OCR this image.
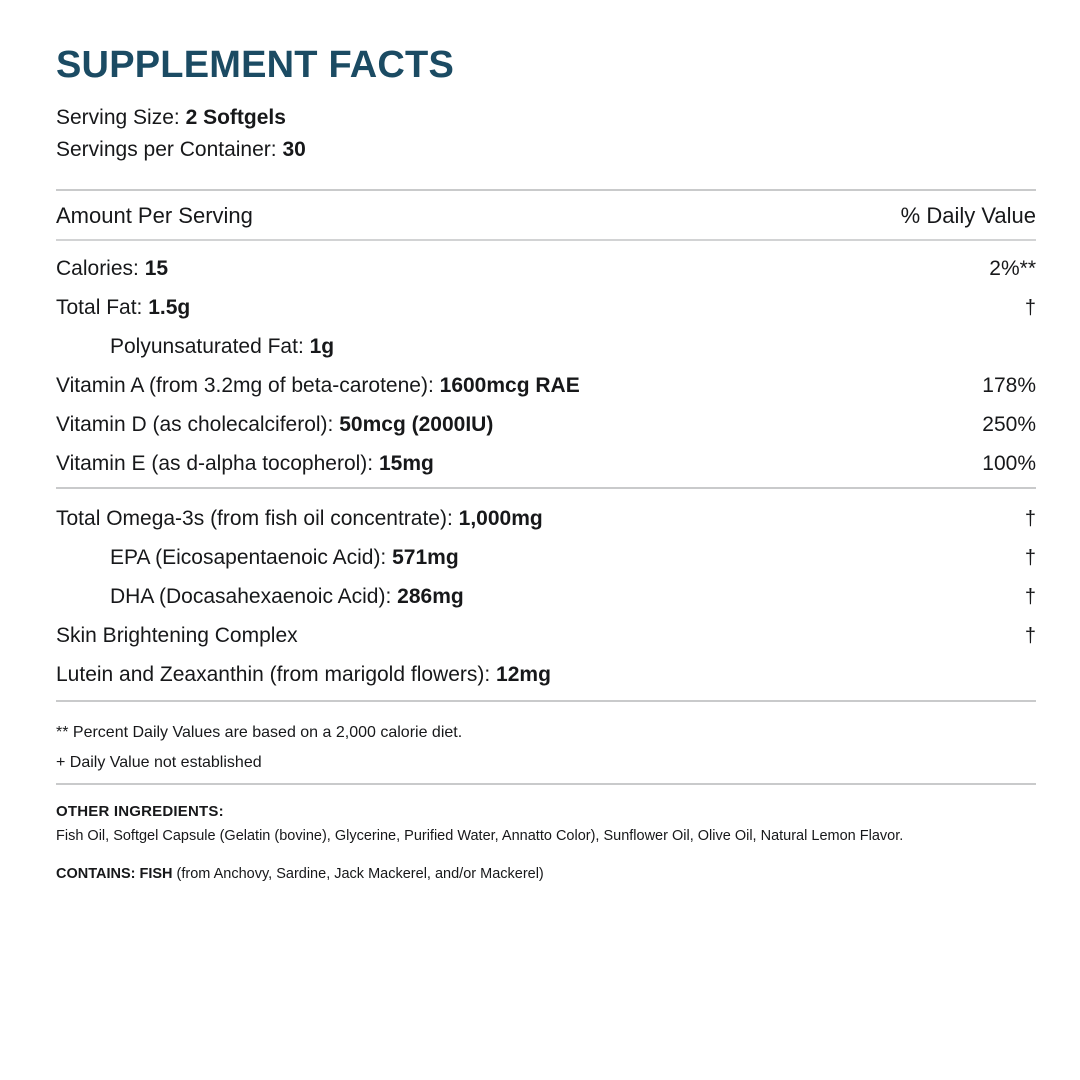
SUPPLEMENT FACTS
Serving Size: 2 Softgels
Servings per Container: 30
Amount Per Serving	% Daily Value
Calories: 15	2%**
Total Fat: 1.5g	†
Polyunsaturated Fat: 1g
Vitamin A (from 3.2mg of beta-carotene): 1600mcg RAE	178%
Vitamin D (as cholecalciferol): 50mcg (2000IU)	250%
Vitamin E (as d-alpha tocopherol): 15mg	100%
Total Omega-3s (from fish oil concentrate): 1,000mg	†
EPA (Eicosapentaenoic Acid): 571mg	†
DHA (Docasahexaenoic Acid): 286mg	†
Skin Brightening Complex	†
Lutein and Zeaxanthin (from marigold flowers): 12mg
** Percent Daily Values are based on a 2,000 calorie diet.
+ Daily Value not established
OTHER INGREDIENTS:
Fish Oil, Softgel Capsule (Gelatin (bovine), Glycerine, Purified Water, Annatto Color), Sunflower Oil, Olive Oil, Natural Lemon Flavor.
CONTAINS: FISH (from Anchovy, Sardine, Jack Mackerel, and/or Mackerel)
